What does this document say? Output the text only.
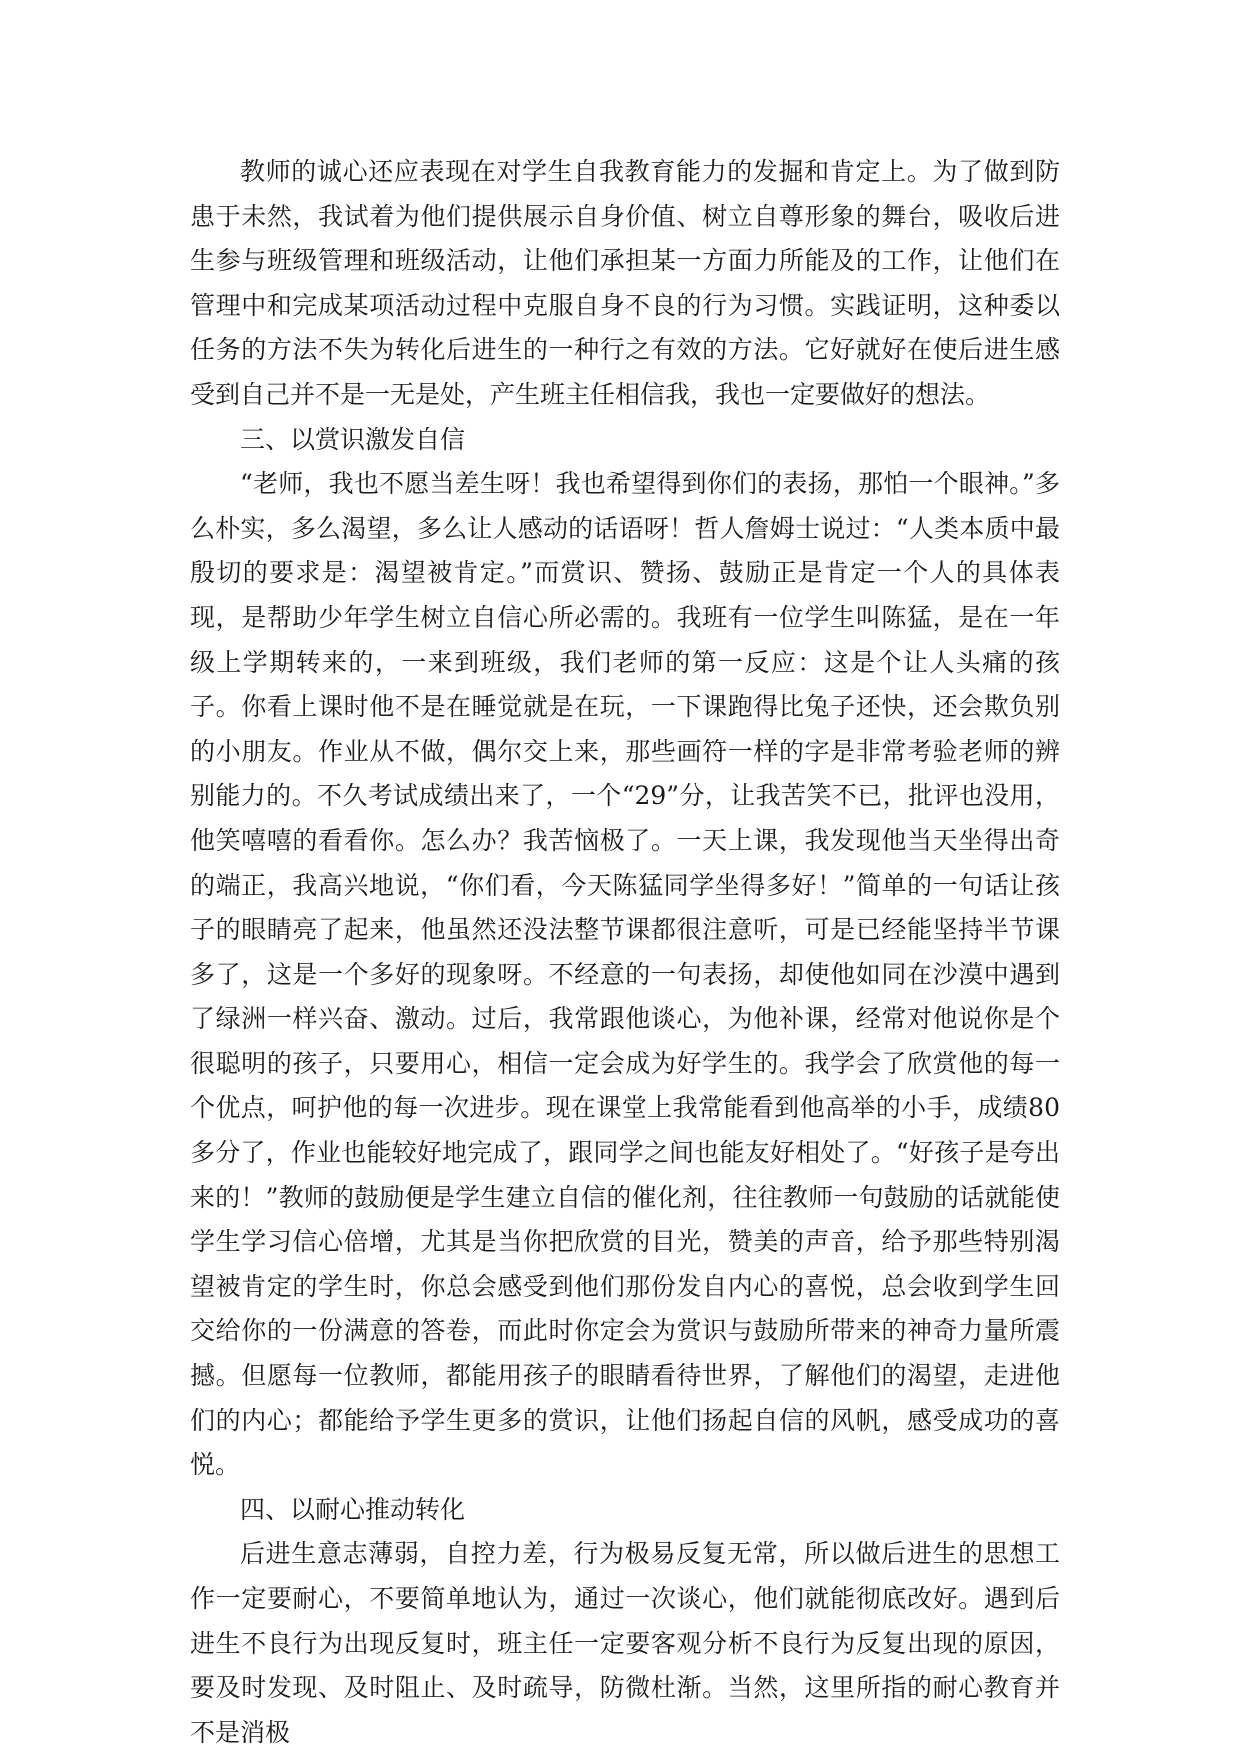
教师的诚心还应表现在对学生自我教育能力的发掘和肯定上。为了做到防患于未然，我试着为他们提供展示自身价值、树立自尊形象的舞台，吸收后进生参与班级管理和班级活动，让他们承担某一方面力所能及的工作，让他们在管理中和完成某项活动过程中克服自身不良的行为习惯。实践证明，这种委以任务的方法不失为转化后进生的一种行之有效的方法。它好就好在使后进生感受到自己并不是一无是处，产生班主任相信我，我也一定要做好的想法。

三、以赏识激发自信

“老师，我也不愿当差生呀！我也希望得到你们的表扬，那怕一个眼神。”多么朴实，多么渴望，多么让人感动的话语呀！哲人詹姆士说过：“人类本质中最殷切的要求是：渴望被肯定。”而赏识、赞扬、鼓励正是肯定一个人的具体表现，是帮助少年学生树立自信心所必需的。我班有一位学生叫陈猛，是在一年级上学期转来的，一来到班级，我们老师的第一反应：这是个让人头痛的孩子。你看上课时他不是在睡觉就是在玩，一下课跑得比兔子还快，还会欺负别的小朋友。作业从不做，偶尔交上来，那些画符一样的字是非常考验老师的辨别能力的。不久考试成绩出来了，一个“29”分，让我苦笑不已，批评也没用，他笑嘻嘻的看看你。怎么办？我苦恼极了。一天上课，我发现他当天坐得出奇的端正，我高兴地说，“你们看，今天陈猛同学坐得多好！”简单的一句话让孩子的眼睛亮了起来，他虽然还没法整节课都很注意听，可是已经能坚持半节课多了，这是一个多好的现象呀。不经意的一句表扬，却使他如同在沙漠中遇到了绿洲一样兴奋、激动。过后，我常跟他谈心，为他补课，经常对他说你是个很聪明的孩子，只要用心，相信一定会成为好学生的。我学会了欣赏他的每一个优点，呵护他的每一次进步。现在课堂上我常能看到他高举的小手，成绩80多分了，作业也能较好地完成了，跟同学之间也能友好相处了。“好孩子是夸出来的！”教师的鼓励便是学生建立自信的催化剂，往往教师一句鼓励的话就能使学生学习信心倍增，尤其是当你把欣赏的目光，赞美的声音，给予那些特别渴望被肯定的学生时，你总会感受到他们那份发自内心的喜悦，总会收到学生回交给你的一份满意的答卷，而此时你定会为赏识与鼓励所带来的神奇力量所震撼。但愿每一位教师，都能用孩子的眼睛看待世界，了解他们的渴望，走进他们的内心；都能给予学生更多的赏识，让他们扬起自信的风帆，感受成功的喜悦。

四、以耐心推动转化

后进生意志薄弱，自控力差，行为极易反复无常，所以做后进生的思想工作一定要耐心，不要简单地认为，通过一次谈心，他们就能彻底改好。遇到后进生不良行为出现反复时，班主任一定要客观分析不良行为反复出现的原因，要及时发现、及时阻止、及时疏导，防微杜渐。当然，这里所指的耐心教育并不是消极
